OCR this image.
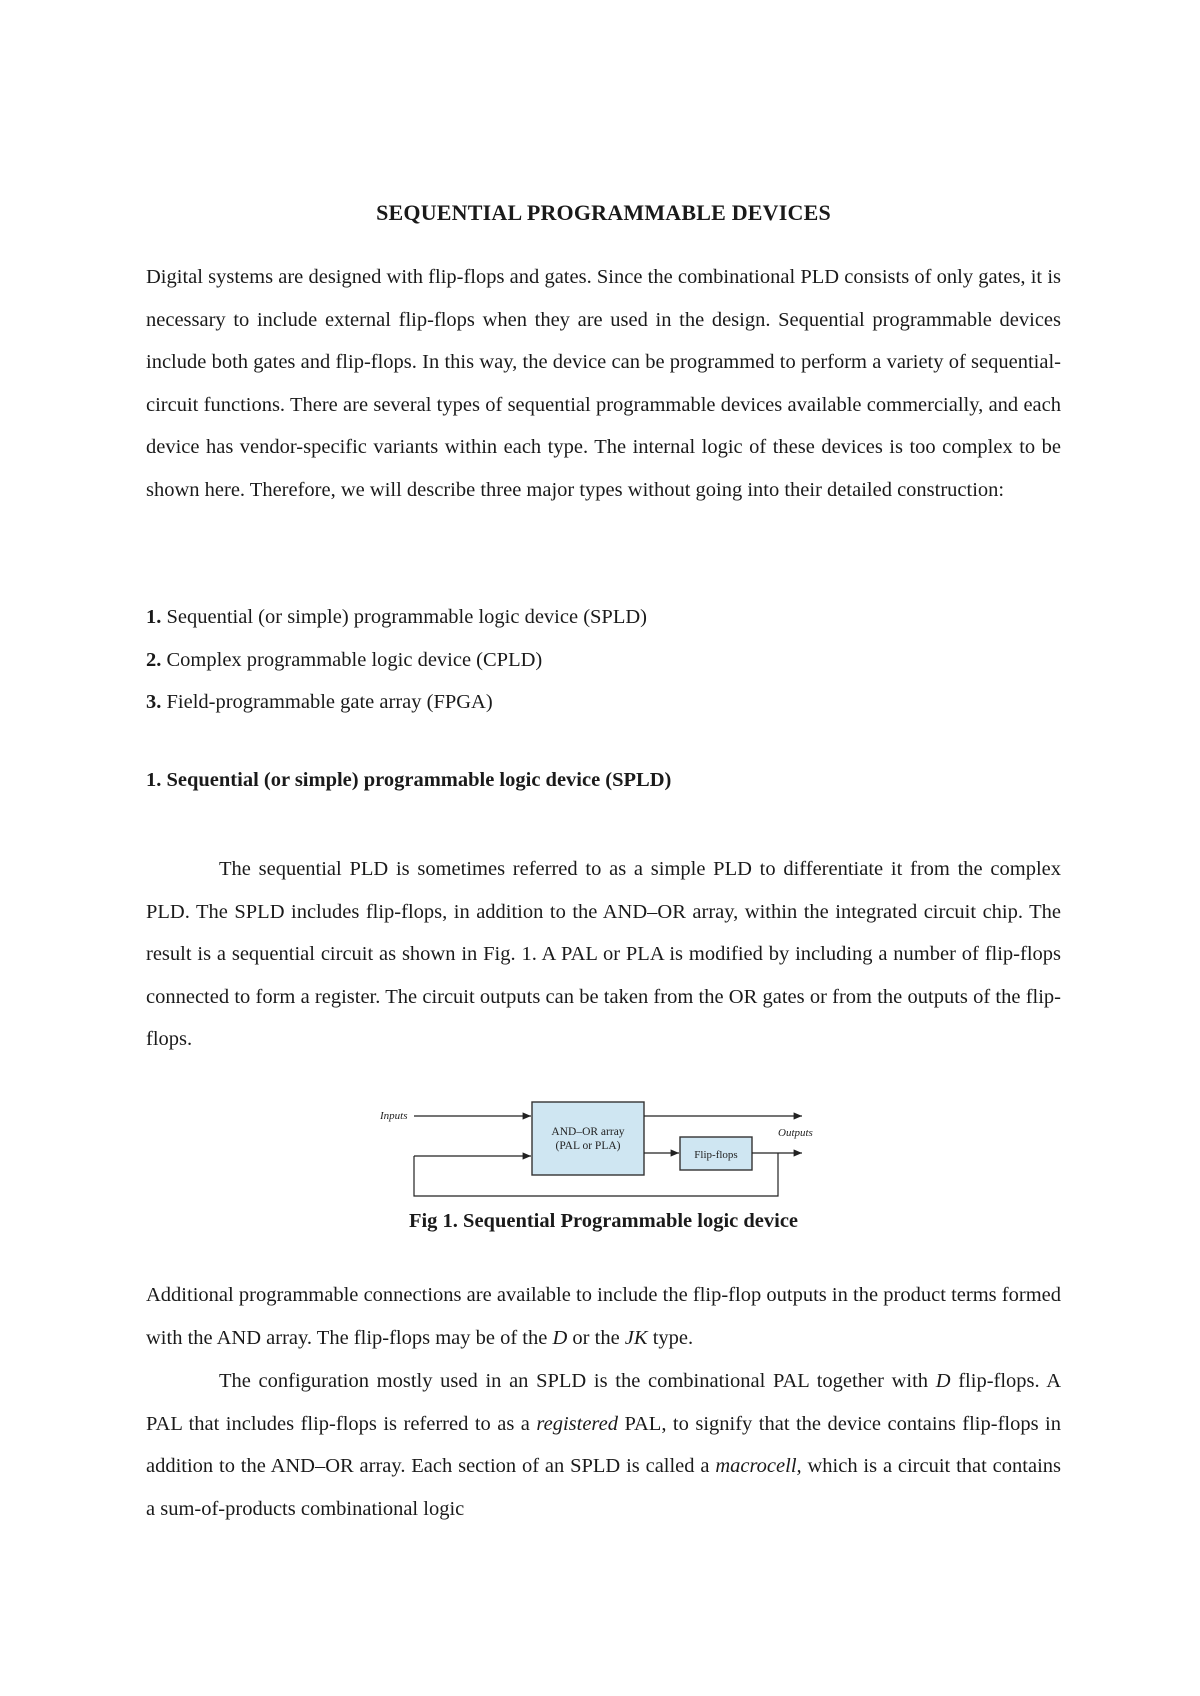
SEQUENTIAL PROGRAMMABLE DEVICES

Digital systems are designed with flip-flops and gates. Since the combinational PLD consists of only gates, it is necessary to include external flip-flops when they are used in the design. Sequential programmable devices include both gates and flip-flops. In this way, the device can be programmed to perform a variety of sequential-circuit functions. There are several types of sequential programmable devices available commercially, and each device has vendor-specific variants within each type. The internal logic of these devices is too complex to be shown here. Therefore, we will describe three major types without going into their detailed construction:

1. Sequential (or simple) programmable logic device (SPLD)
2. Complex programmable logic device (CPLD)
3. Field-programmable gate array (FPGA)
1. Sequential (or simple) programmable logic device (SPLD)

The sequential PLD is sometimes referred to as a simple PLD to differentiate it from the complex PLD. The SPLD includes flip-flops, in addition to the AND–OR array, within the integrated circuit chip. The result is a sequential circuit as shown in Fig. 1. A PAL or PLA is modified by including a number of flip-flops connected to form a register. The circuit outputs can be taken from the OR gates or from the outputs of the flip-flops.

Inputs
AND–OR array
(PAL or PLA)
Flip-flops
Outputs

Fig 1. Sequential Programmable logic device

Additional programmable connections are available to include the flip-flop outputs in the product terms formed with the AND array. The flip-flops may be of the D or the JK type.

The configuration mostly used in an SPLD is the combinational PAL together with D flip-flops. A PAL that includes flip-flops is referred to as a registered PAL, to signify that the device contains flip-flops in addition to the AND–OR array. Each section of an SPLD is called a macrocell, which is a circuit that contains a sum-of-products combinational logic
